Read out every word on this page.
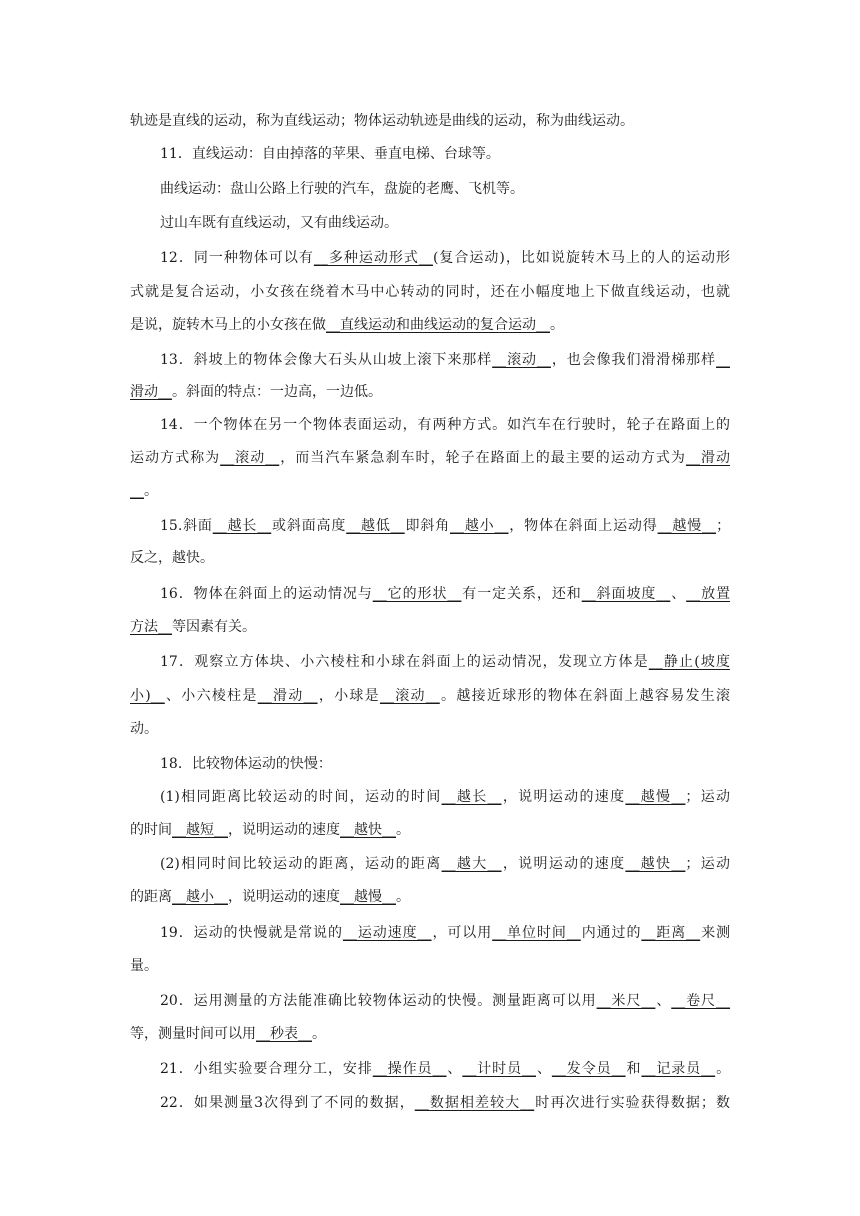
轨迹是直线的运动，称为直线运动；物体运动轨迹是曲线的运动，称为曲线运动。
11．直线运动：自由掉落的苹果、垂直电梯、台球等。
曲线运动：盘山公路上行驶的汽车，盘旋的老鹰、飞机等。
过山车既有直线运动，又有曲线运动。
12．同一种物体可以有__多种运动形式__(复合运动)，比如说旋转木马上的人的运动形
式就是复合运动，小女孩在绕着木马中心转动的同时，还在小幅度地上下做直线运动，也就
是说，旋转木马上的小女孩在做__直线运动和曲线运动的复合运动__。
13．斜坡上的物体会像大石头从山坡上滚下来那样__滚动__，也会像我们滑滑梯那样__
滑动__。斜面的特点：一边高，一边低。
14．一个物体在另一个物体表面运动，有两种方式。如汽车在行驶时，轮子在路面上的
运动方式称为__滚动__，而当汽车紧急刹车时，轮子在路面上的最主要的运动方式为__滑动
__。
15.斜面__越长__或斜面高度__越低__即斜角__越小__，物体在斜面上运动得__越慢__；
反之，越快。
16．物体在斜面上的运动情况与__它的形状__有一定关系，还和__斜面坡度__、__放置
方法__等因素有关。
17．观察立方体块、小六棱柱和小球在斜面上的运动情况，发现立方体是__静止(坡度
小)__、小六棱柱是__滑动__，小球是__滚动__。越接近球形的物体在斜面上越容易发生滚
动。
18．比较物体运动的快慢：
(1)相同距离比较运动的时间，运动的时间__越长__，说明运动的速度__越慢__；运动
的时间__越短__，说明运动的速度__越快__。
(2)相同时间比较运动的距离，运动的距离__越大__，说明运动的速度__越快__；运动
的距离__越小__，说明运动的速度__越慢__。
19．运动的快慢就是常说的__运动速度__，可以用__单位时间__内通过的__距离__来测
量。
20．运用测量的方法能准确比较物体运动的快慢。测量距离可以用__米尺__、__卷尺__
等，测量时间可以用__秒表__。
21．小组实验要合理分工，安排__操作员__、__计时员__、__发令员__和__记录员__。
22．如果测量3次得到了不同的数据，__数据相差较大__时再次进行实验获得数据；数
